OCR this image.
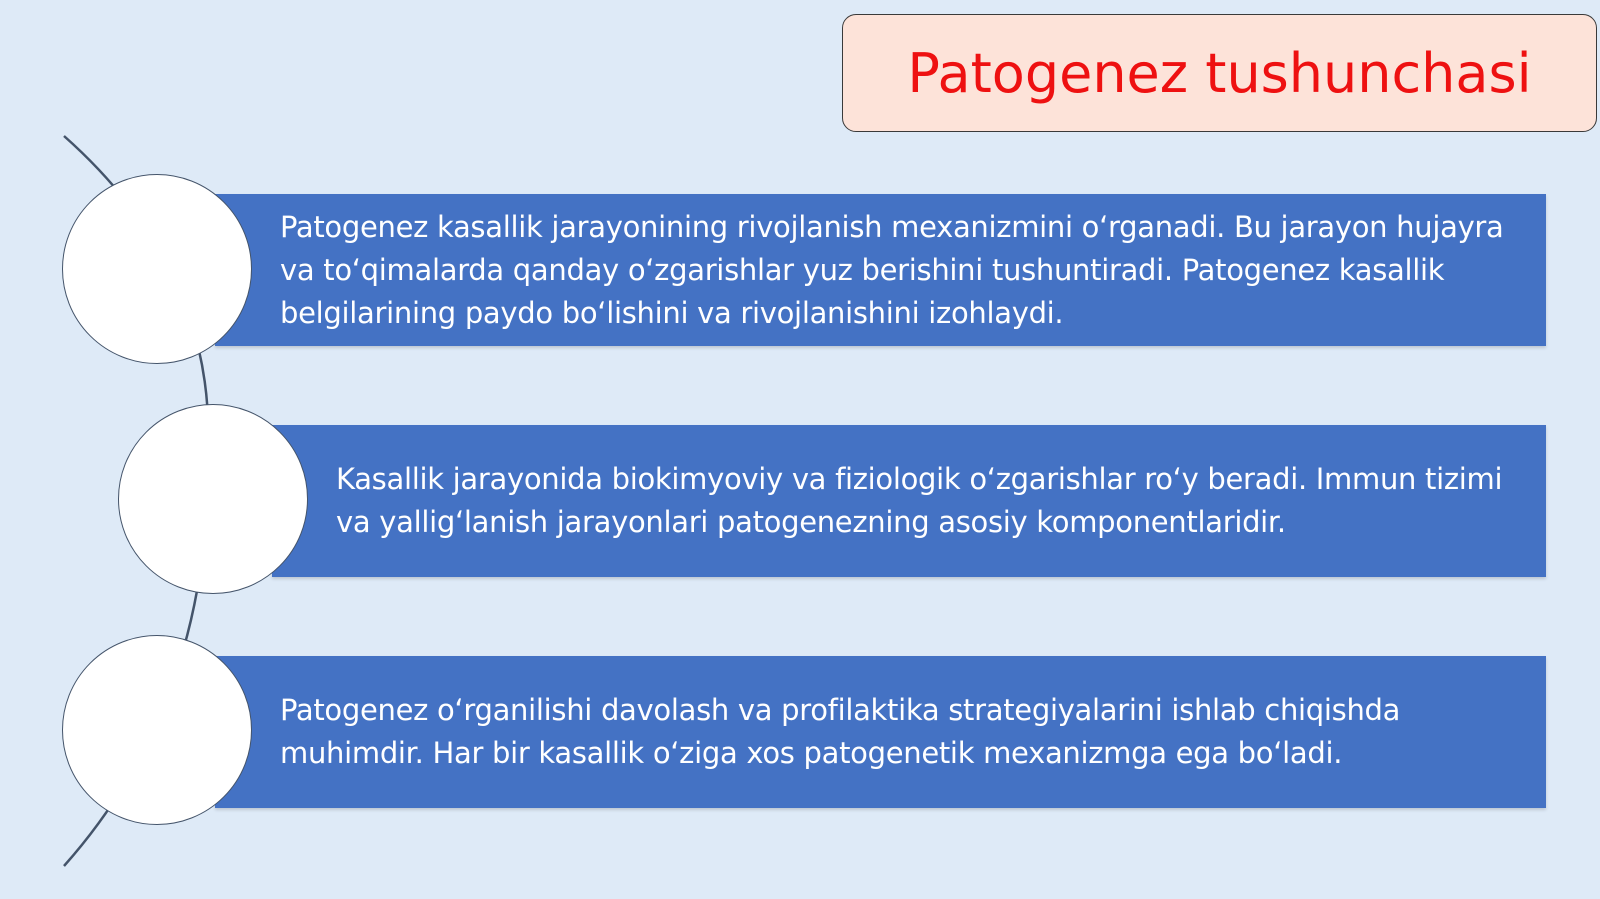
Patogenez tushunchasi
Patogenez kasallik jarayonining rivojlanish mexanizmini o‘rganadi. Bu jarayon hujayra va to‘qimalarda qanday o‘zgarishlar yuz berishini tushuntiradi. Patogenez kasallik belgilarining paydo bo‘lishini va rivojlanishini izohlaydi.
Kasallik jarayonida biokimyoviy va fiziologik o‘zgarishlar ro‘y beradi. Immun tizimi va yallig‘lanish jarayonlari patogenezning asosiy komponentlaridir.
Patogenez o‘rganilishi davolash va profilaktika strategiyalarini ishlab chiqishda muhimdir. Har bir kasallik o‘ziga xos patogenetik mexanizmga ega bo‘ladi.
